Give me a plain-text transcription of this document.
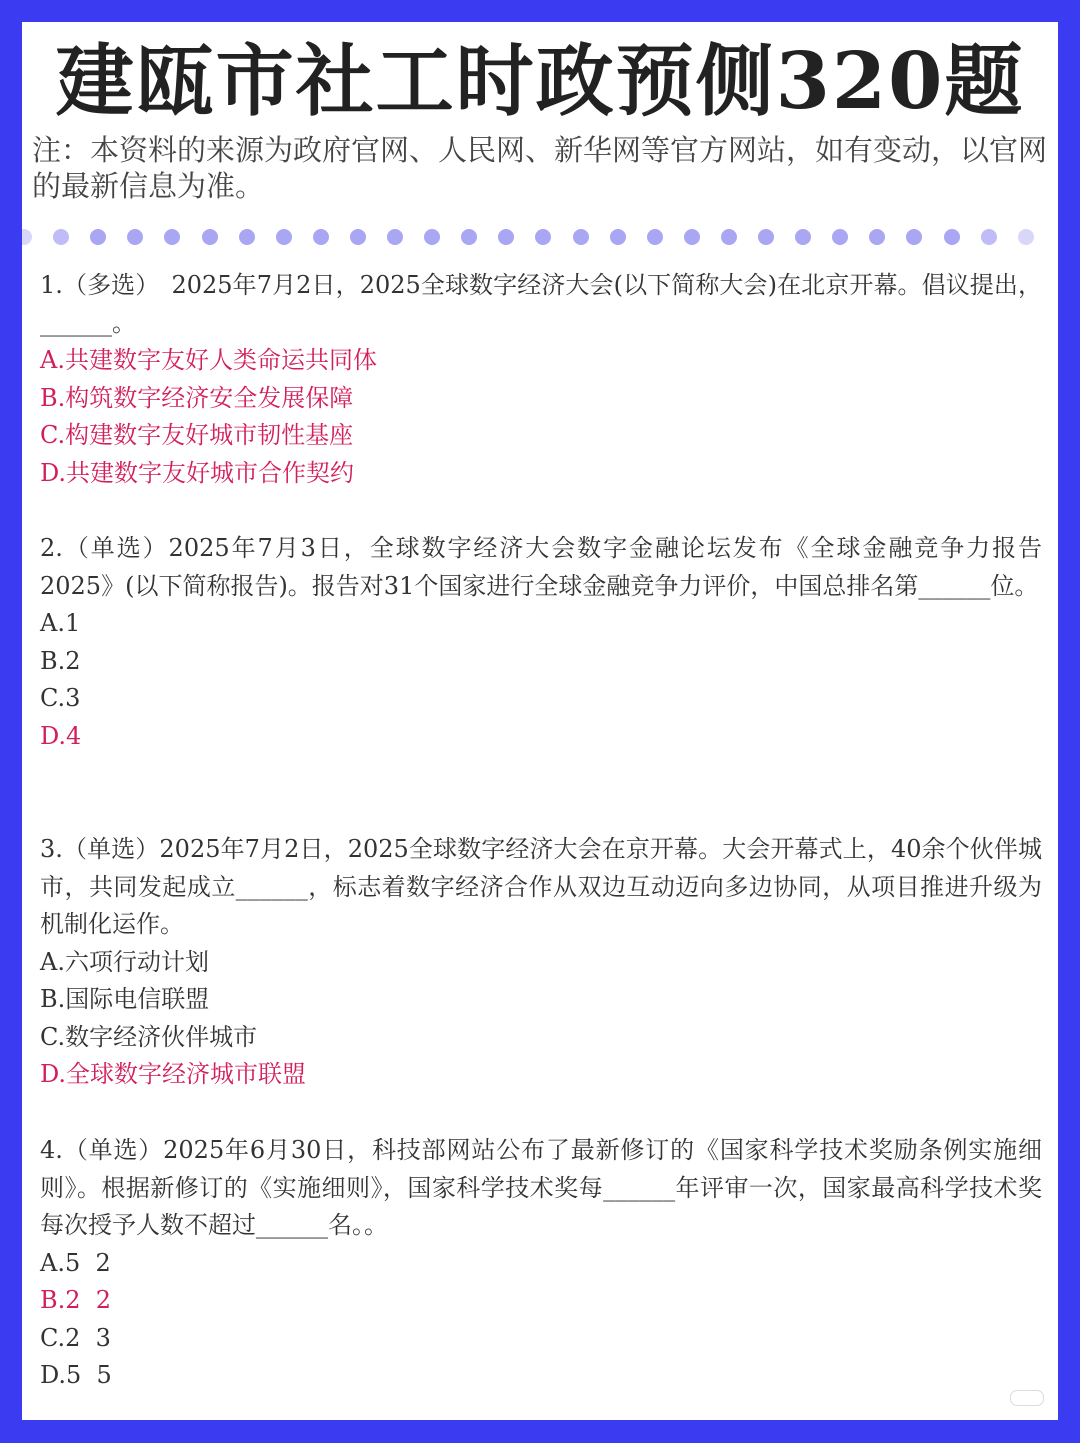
建瓯市社工时政预侧320题
注：本资料的来源为政府官网、人民网、新华网等官方网站，如有变动，以官网的最新信息为准。
1.（多选）　2025年7月2日，2025全球数字经济大会(以下简称大会)在北京开幕。倡议提出，______。
A.共建数字友好人类命运共同体
B.构筑数字经济安全发展保障
C.构建数字友好城市韧性基座
D.共建数字友好城市合作契约
2.（单选）2025年7月3日，全球数字经济大会数字金融论坛发布《全球金融竞争力报告2025》(以下简称报告)。报告对31个国家进行全球金融竞争力评价，中国总排名第______位。
A.1
B.2
C.3
D.4
3.（单选）2025年7月2日，2025全球数字经济大会在京开幕。大会开幕式上，40余个伙伴城市，共同发起成立______，标志着数字经济合作从双边互动迈向多边协同，从项目推进升级为机制化运作。
A.六项行动计划
B.国际电信联盟
C.数字经济伙伴城市
D.全球数字经济城市联盟
4.（单选）2025年6月30日，科技部网站公布了最新修订的《国家科学技术奖励条例实施细则》。根据新修订的《实施细则》，国家科学技术奖每______年评审一次，国家最高科学技术奖每次授予人数不超过______名。。
A.5  2
B.2  2
C.2  3
D.5  5
